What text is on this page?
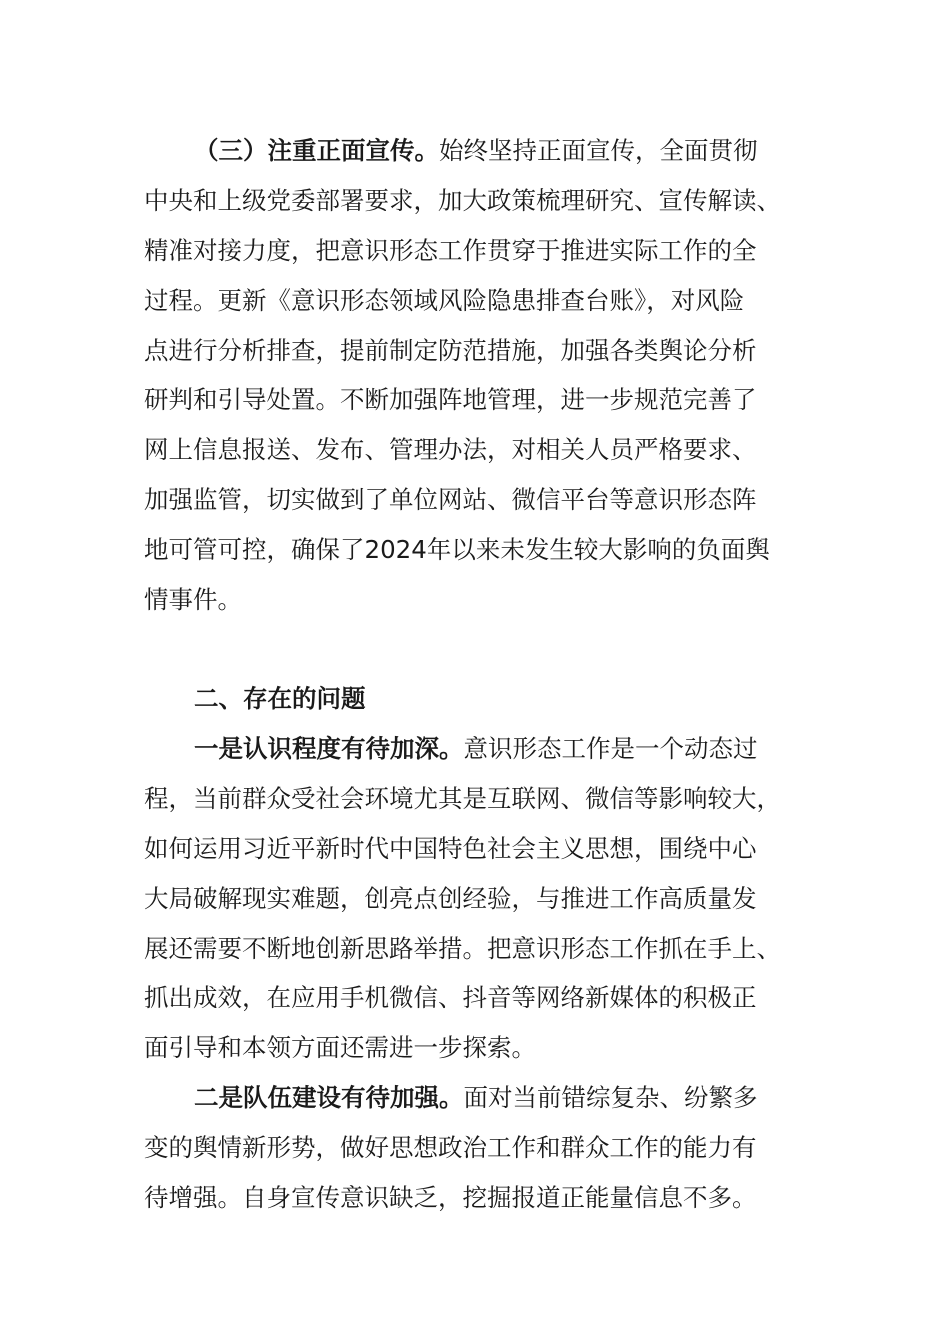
（三）注重正面宣传。始终坚持正面宣传，全面贯彻
中央和上级党委部署要求，加大政策梳理研究、宣传解读、
精准对接力度，把意识形态工作贯穿于推进实际工作的全
过程。更新《意识形态领域风险隐患排查台账》，对风险
点进行分析排查，提前制定防范措施，加强各类舆论分析
研判和引导处置。不断加强阵地管理，进一步规范完善了
网上信息报送、发布、管理办法，对相关人员严格要求、
加强监管，切实做到了单位网站、微信平台等意识形态阵
地可管可控，确保了2024年以来未发生较大影响的负面舆
情事件。
二、存在的问题
一是认识程度有待加深。意识形态工作是一个动态过
程，当前群众受社会环境尤其是互联网、微信等影响较大，
如何运用习近平新时代中国特色社会主义思想，围绕中心
大局破解现实难题，创亮点创经验，与推进工作高质量发
展还需要不断地创新思路举措。把意识形态工作抓在手上、
抓出成效，在应用手机微信、抖音等网络新媒体的积极正
面引导和本领方面还需进一步探索。
二是队伍建设有待加强。面对当前错综复杂、纷繁多
变的舆情新形势，做好思想政治工作和群众工作的能力有
待增强。自身宣传意识缺乏，挖掘报道正能量信息不多。
